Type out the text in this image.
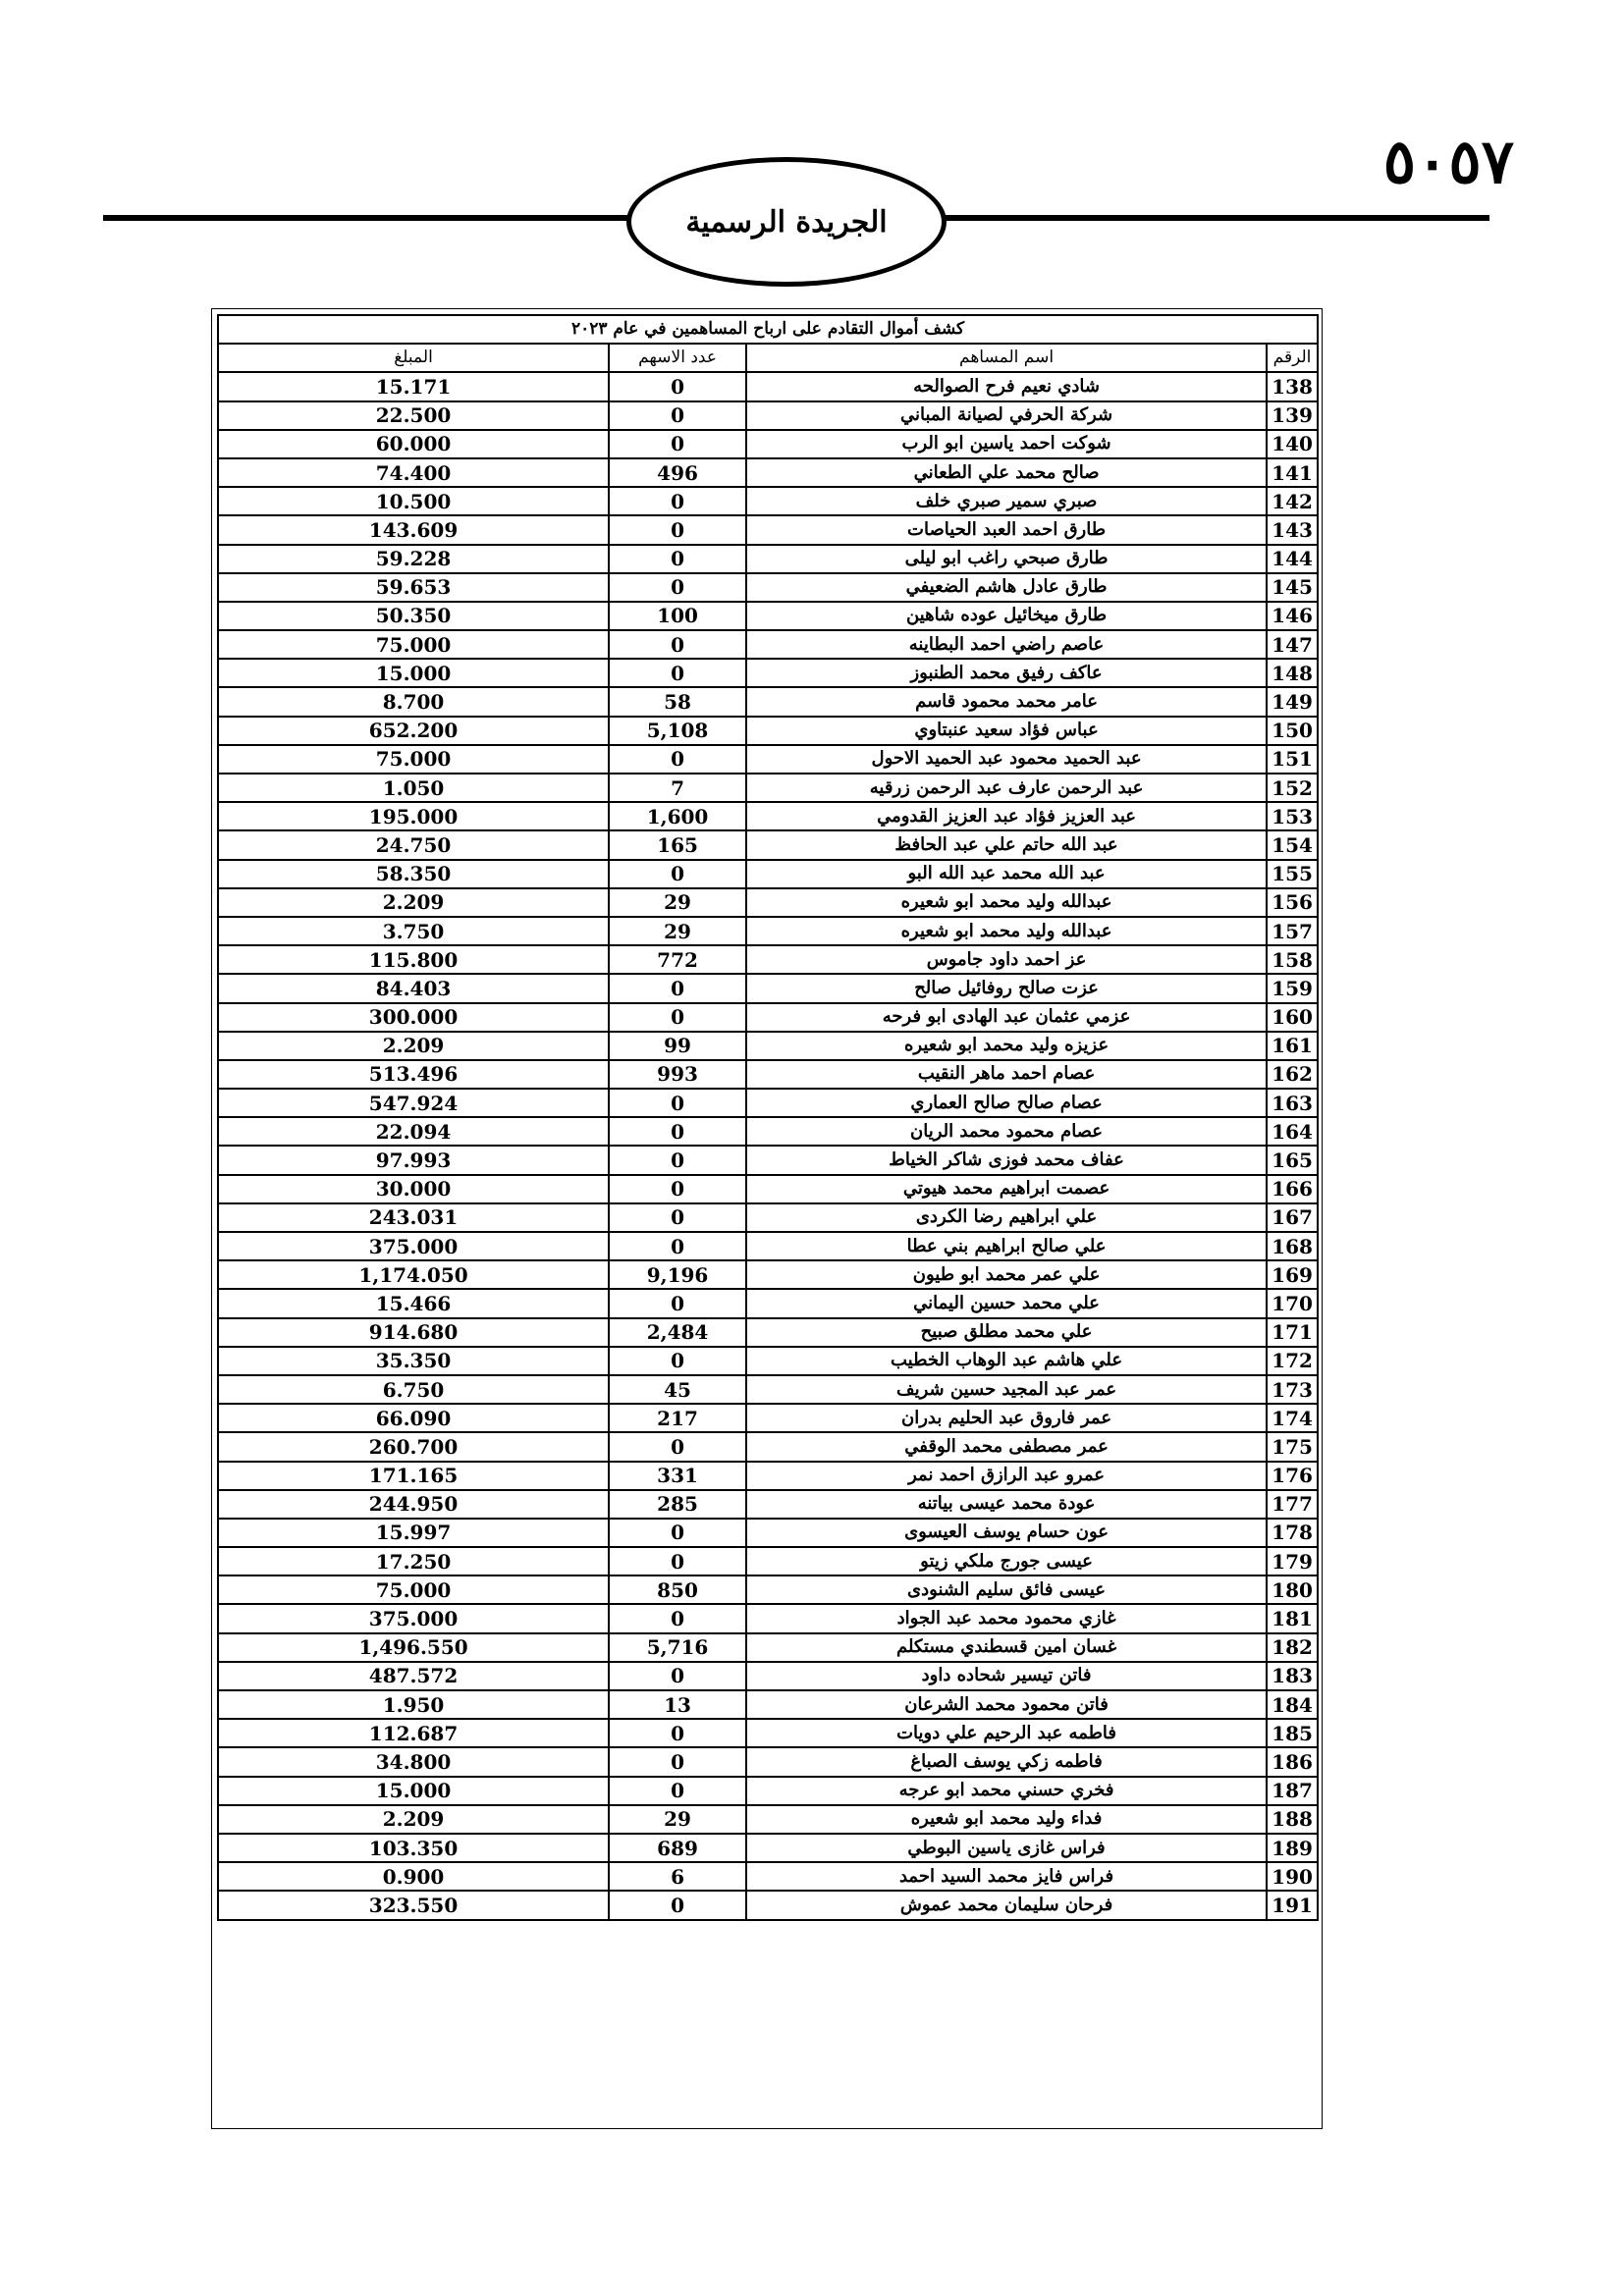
٥٠٥٧
الجريدة الرسمية
كشف أموال التقادم على ارباح المساهمين في عام ٢٠٢٣			
الرقم	اسم المساهم	عدد الاسهم	المبلغ
138	شادي نعيم فرح الصوالحه	0	15.171
139	شركة الحرفي لصيانة المباني	0	22.500
140	شوكت احمد ياسين ابو الرب	0	60.000
141	صالح محمد علي الطعاني	496	74.400
142	صبري سمير صبري خلف	0	10.500
143	طارق احمد العبد الحياصات	0	143.609
144	طارق صبحي راغب ابو ليلى	0	59.228
145	طارق عادل هاشم الضعيفي	0	59.653
146	طارق ميخائيل عوده شاهين	100	50.350
147	عاصم راضي احمد البطاينه	0	75.000
148	عاكف رفيق محمد الطنبوز	0	15.000
149	عامر محمد محمود قاسم	58	8.700
150	عباس فؤاد سعيد عنبتاوي	5,108	652.200
151	عبد الحميد محمود عبد الحميد الاحول	0	75.000
152	عبد الرحمن عارف عبد الرحمن زرقيه	7	1.050
153	عبد العزيز فؤاد عبد العزيز القدومي	1,600	195.000
154	عبد الله حاتم علي عبد الحافظ	165	24.750
155	عبد الله محمد عبد الله البو	0	58.350
156	عبدالله وليد محمد ابو شعيره	29	2.209
157	عبدالله وليد محمد ابو شعيره	29	3.750
158	عز احمد داود جاموس	772	115.800
159	عزت صالح روفائيل صالح	0	84.403
160	عزمي عثمان عبد الهادى ابو فرحه	0	300.000
161	عزيزه وليد محمد ابو شعيره	99	2.209
162	عصام احمد ماهر النقيب	993	513.496
163	عصام صالح صالح العماري	0	547.924
164	عصام محمود محمد الريان	0	22.094
165	عفاف محمد فوزى شاكر الخياط	0	97.993
166	عصمت ابراهيم محمد هيوتي	0	30.000
167	علي ابراهيم رضا الكردى	0	243.031
168	علي صالح ابراهيم بني عطا	0	375.000
169	علي عمر محمد ابو طيون	9,196	1,174.050
170	علي محمد حسين اليماني	0	15.466
171	علي محمد مطلق صبيح	2,484	914.680
172	علي هاشم عبد الوهاب الخطيب	0	35.350
173	عمر عبد المجيد حسين شريف	45	6.750
174	عمر فاروق عبد الحليم بدران	217	66.090
175	عمر مصطفى محمد الوقفي	0	260.700
176	عمرو عبد الرازق احمد نمر	331	171.165
177	عودة محمد عيسى بياتنه	285	244.950
178	عون حسام يوسف العيسوى	0	15.997
179	عيسى جورج ملكي زيتو	0	17.250
180	عيسى فائق سليم الشنودى	850	75.000
181	غازي محمود محمد عبد الجواد	0	375.000
182	غسان امين قسطندي مستكلم	5,716	1,496.550
183	فاتن تيسير شحاده داود	0	487.572
184	فاتن محمود محمد الشرعان	13	1.950
185	فاطمه عبد الرحيم علي دويات	0	112.687
186	فاطمه زكي يوسف الصباغ	0	34.800
187	فخري حسني محمد ابو عرجه	0	15.000
188	فداء وليد محمد ابو شعيره	29	2.209
189	فراس غازى ياسين البوطي	689	103.350
190	فراس فايز محمد السيد احمد	6	0.900
191	فرحان سليمان محمد عموش	0	323.550
